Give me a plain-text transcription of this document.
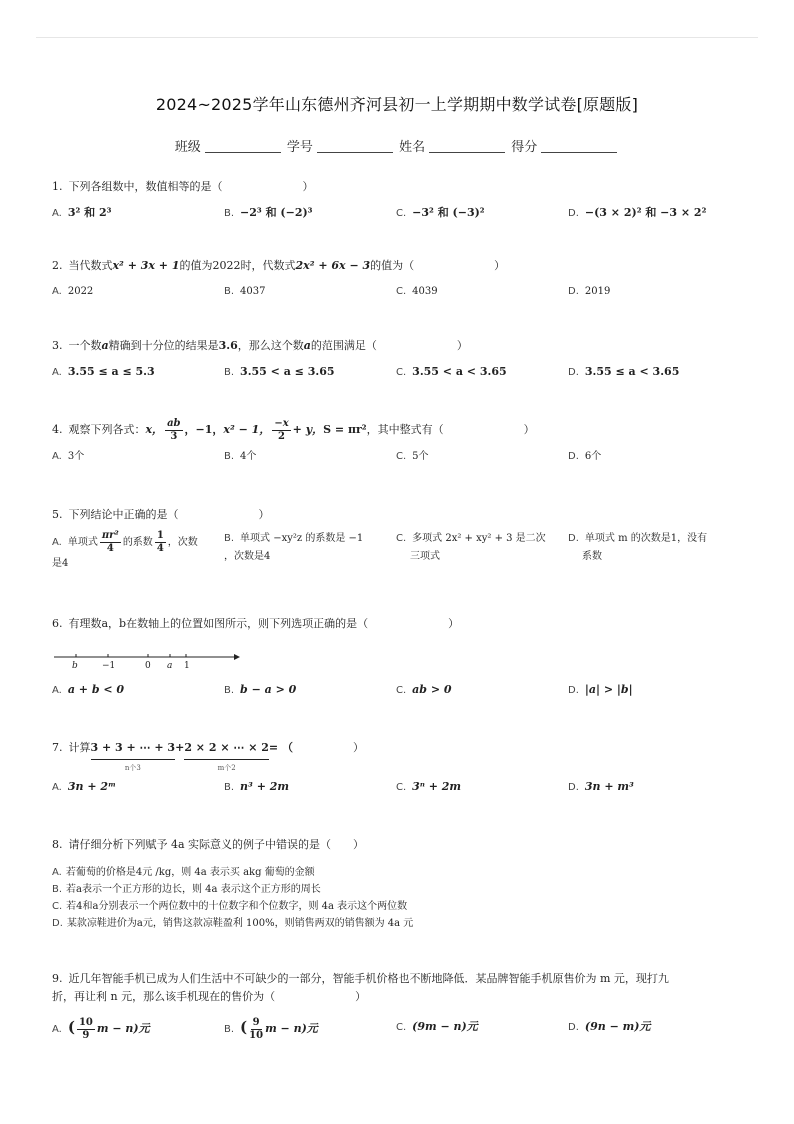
2024~2025学年山东德州齐河县初一上学期期中数学试卷[原题版]
班级	学号	姓名	得分
1. 下列各组数中，数值相等的是（	）
A. 3² 和 2³	B. −2³ 和 (−2)³	C. −3² 和 (−3)²	D. −(3 × 2)² 和 −3 × 2²
2. 当代数式x² + 3x + 1的值为2022时，代数式2x² + 6x − 3的值为（	）
A. 2022	B. 4037	C. 4039	D. 2019
3. 一个数a精确到十分位的结果是3.6，那么这个数a的范围满足（	）
A. 3.55 ≤ a ≤ 5.3	B. 3.55 < a ≤ 3.65	C. 3.55 < a < 3.65	D. 3.55 ≤ a < 3.65
4. 观察下列各式：x， $\frac{ab}{3}$ ，−1，x² − 1， $\frac{-x}{2} + y$，S = πr²，其中整式有（	）
A. 3个	B. 4个	C. 5个	D. 6个
5. 下列结论中正确的是（	）
A. 单项式 $\frac{\text{πr²}}{4}$ 的系数 $\frac{1}{4}$ ，次数
是4
B. 单项式 −xy²z 的系数是 −1
，次数是4
C. 多项式 2x² + xy² + 3 是二次
三项式
D. 单项式 m 的次数是1，没有
系数
6. 有理数a，b在数轴上的位置如图所示，则下列选项正确的是（	）
b	−1	0 a 1
A. a + b < 0	B. b − a > 0	C. ab > 0	D. |a| > |b|
7. 计算 3 + 3 + ⋯ + 3
n个3
+ 2 × 2 × ⋯ × 2
m个2
= （	）
A. 3n + 2ᵐ	B. n³ + 2m	C. 3ⁿ + 2m	D. 3n + m³
8. 请仔细分析下列赋予 4a 实际意义的例子中错误的是（　　）
A. 若葡萄的价格是4元 /kg，则 4a 表示买 akg 葡萄的金额
B. 若a表示一个正方形的边长，则 4a 表示这个正方形的周长
C. 若4和a分别表示一个两位数中的十位数字和个位数字，则 4a 表示这个两位数
D. 某款凉鞋进价为a元，销售这款凉鞋盈利 100%，则销售两双的销售额为 4a 元
9. 近几年智能手机已成为人们生活中不可缺少的一部分，智能手机价格也不断地降低．某品牌智能手机原售价为 m 元，现打九
折，再让利 n 元，那么该手机现在的售价为（	）
A. ( $\frac{10}{9}$ m − n)元	B. ( $\frac{9}{10}$ m − n)元	C. (9m − n)元	D. (9n − m)元
